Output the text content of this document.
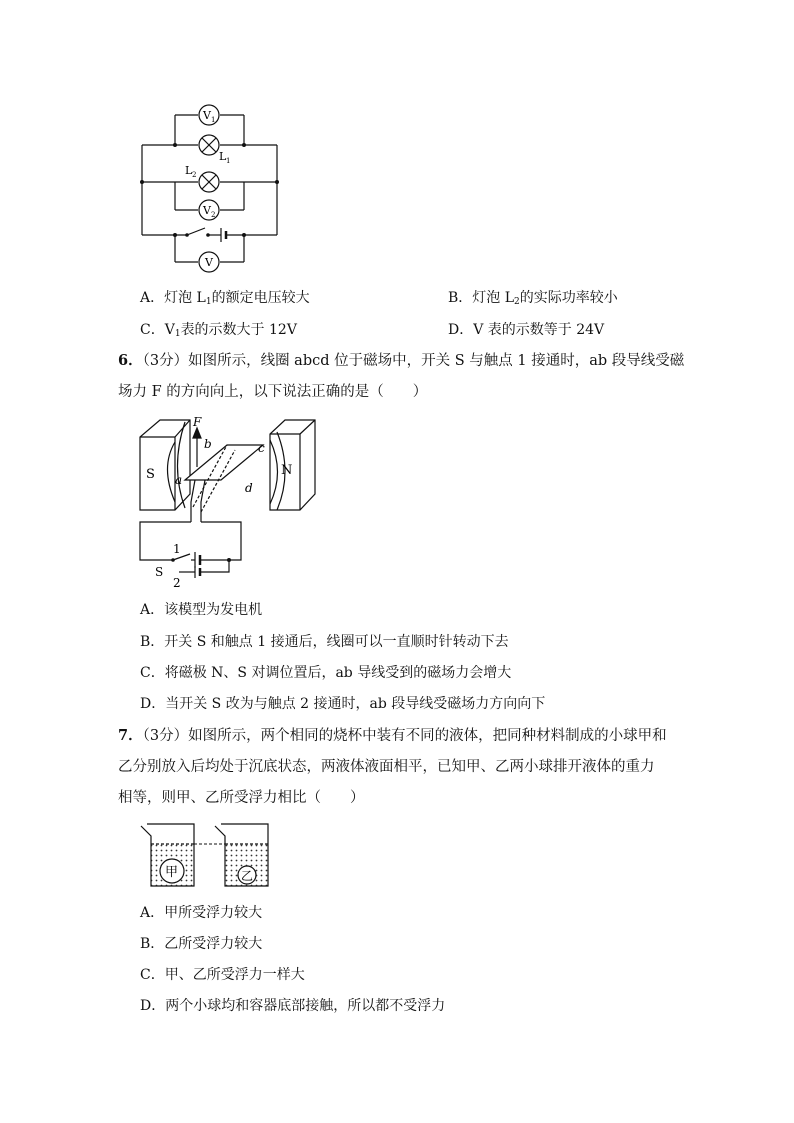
V 1
L 1
L 2
V 2
V
A．灯泡 $L_1$的额定电压较大	B．灯泡 $L_2$的实际功率较小
C．$V_1$表的示数大于 12V	D．V 表的示数等于 24V
6．（3分）如图所示，线圈 abcd 位于磁场中，开关 S 与触点 1 接通时，ab 段导线受磁
场力 F 的方向向上，以下说法正确的是（　　）
F
b	c
a
d
S	N
1
S
2
A．该模型为发电机
B．开关 S 和触点 1 接通后，线圈可以一直顺时针转动下去
C．将磁极 N、S 对调位置后，ab 导线受到的磁场力会增大
D．当开关 S 改为与触点 2 接通时，ab 段导线受磁场力方向向下
7．（3分）如图所示，两个相同的烧杯中装有不同的液体，把同种材料制成的小球甲和
乙分别放入后均处于沉底状态，两液体液面相平，已知甲、乙两小球排开液体的重力
相等，则甲、乙所受浮力相比（　　）
甲	乙
A．甲所受浮力较大
B．乙所受浮力较大
C．甲、乙所受浮力一样大
D．两个小球均和容器底部接触，所以都不受浮力
